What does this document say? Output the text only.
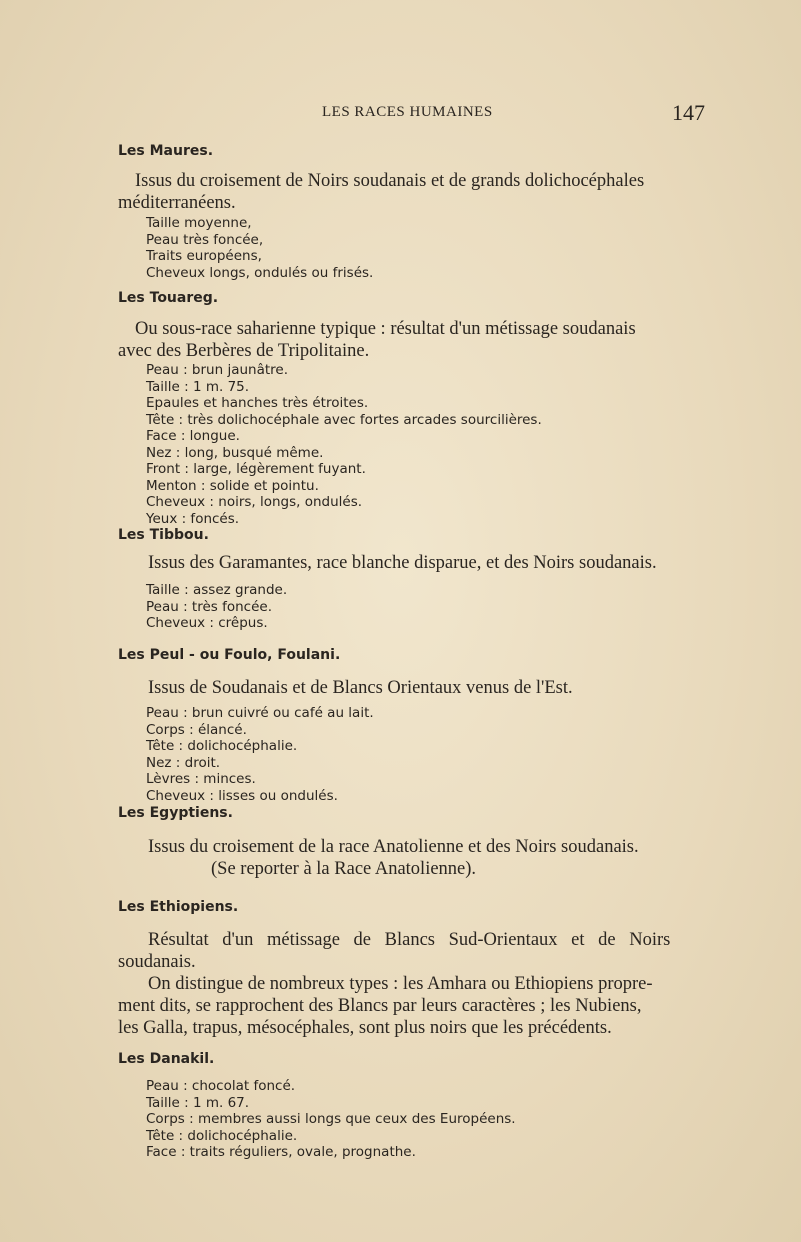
LES RACES HUMAINES	147
Les Maures.
Issus du croisement de Noirs soudanais et de grands dolichocéphales
méditerranéens.
Taille moyenne,
Peau très foncée,
Traits européens,
Cheveux longs, ondulés ou frisés.
Les Touareg.
Ou sous-race saharienne typique : résultat d'un métissage soudanais
avec des Berbères de Tripolitaine.
Peau : brun jaunâtre.
Taille : 1 m. 75.
Epaules et hanches très étroites.
Tête : très dolichocéphale avec fortes arcades sourcilières.
Face : longue.
Nez : long, busqué même.
Front : large, légèrement fuyant.
Menton : solide et pointu.
Cheveux : noirs, longs, ondulés.
Yeux : foncés.
Les Tibbou.
Issus des Garamantes, race blanche disparue, et des Noirs soudanais.
Taille : assez grande.
Peau : très foncée.
Cheveux : crêpus.
Les Peul - ou Foulo, Foulani.
Issus de Soudanais et de Blancs Orientaux venus de l'Est.
Peau : brun cuivré ou café au lait.
Corps : élancé.
Tête : dolichocéphalie.
Nez : droit.
Lèvres : minces.
Cheveux : lisses ou ondulés.
Les Egyptiens.
Issus du croisement de la race Anatolienne et des Noirs soudanais.
(Se reporter à la Race Anatolienne).
Les Ethiopiens.
Résultat d'un métissage de Blancs Sud-Orientaux et de Noirs
soudanais.
On distingue de nombreux types : les Amhara ou Ethiopiens propre-
ment dits, se rapprochent des Blancs par leurs caractères ; les Nubiens,
les Galla, trapus, mésocéphales, sont plus noirs que les précédents.
Les Danakil.
Peau : chocolat foncé.
Taille : 1 m. 67.
Corps : membres aussi longs que ceux des Européens.
Tête : dolichocéphalie.
Face : traits réguliers, ovale, prognathe.
